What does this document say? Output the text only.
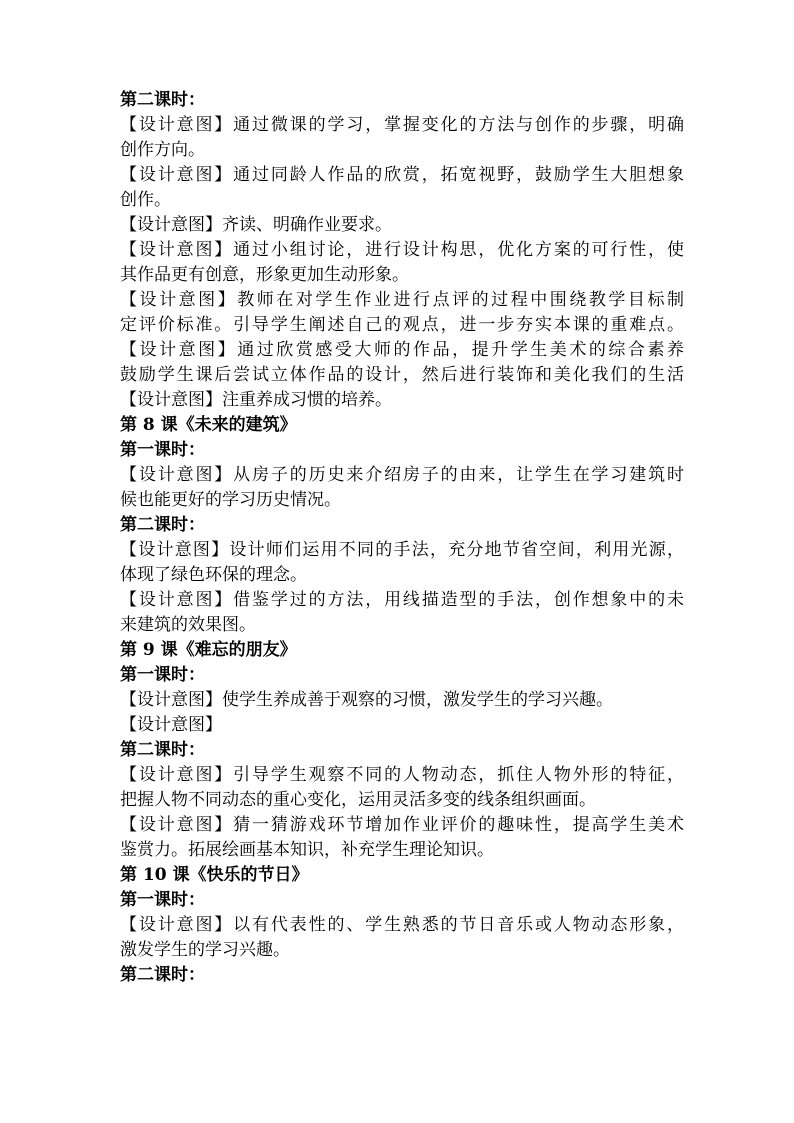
第二课时：
【设计意图】通过微课的学习，掌握变化的方法与创作的步骤，明确
创作方向。
【设计意图】通过同龄人作品的欣赏，拓宽视野，鼓励学生大胆想象
创作。
【设计意图】齐读、明确作业要求。
【设计意图】通过小组讨论，进行设计构思，优化方案的可行性，使
其作品更有创意，形象更加生动形象。
【设计意图】教师在对学生作业进行点评的过程中围绕教学目标制
定评价标准。引导学生阐述自己的观点，进一步夯实本课的重难点。
【设计意图】通过欣赏感受大师的作品，提升学生美术的综合素养
鼓励学生课后尝试立体作品的设计，然后进行装饰和美化我们的生活
【设计意图】注重养成习惯的培养。
第 8 课《未来的建筑》
第一课时：
【设计意图】从房子的历史来介绍房子的由来，让学生在学习建筑时
候也能更好的学习历史情况。
第二课时：
【设计意图】设计师们运用不同的手法，充分地节省空间，利用光源，
体现了绿色环保的理念。
【设计意图】借鉴学过的方法，用线描造型的手法，创作想象中的未
来建筑的效果图。
第 9 课《难忘的朋友》
第一课时：
【设计意图】使学生养成善于观察的习惯，激发学生的学习兴趣。
【设计意图】
第二课时：
【设计意图】引导学生观察不同的人物动态，抓住人物外形的特征，
把握人物不同动态的重心变化，运用灵活多变的线条组织画面。
【设计意图】猜一猜游戏环节增加作业评价的趣味性，提高学生美术
鉴赏力。拓展绘画基本知识，补充学生理论知识。
第 10 课《快乐的节日》
第一课时：
【设计意图】以有代表性的、学生熟悉的节日音乐或人物动态形象，
激发学生的学习兴趣。
第二课时：
